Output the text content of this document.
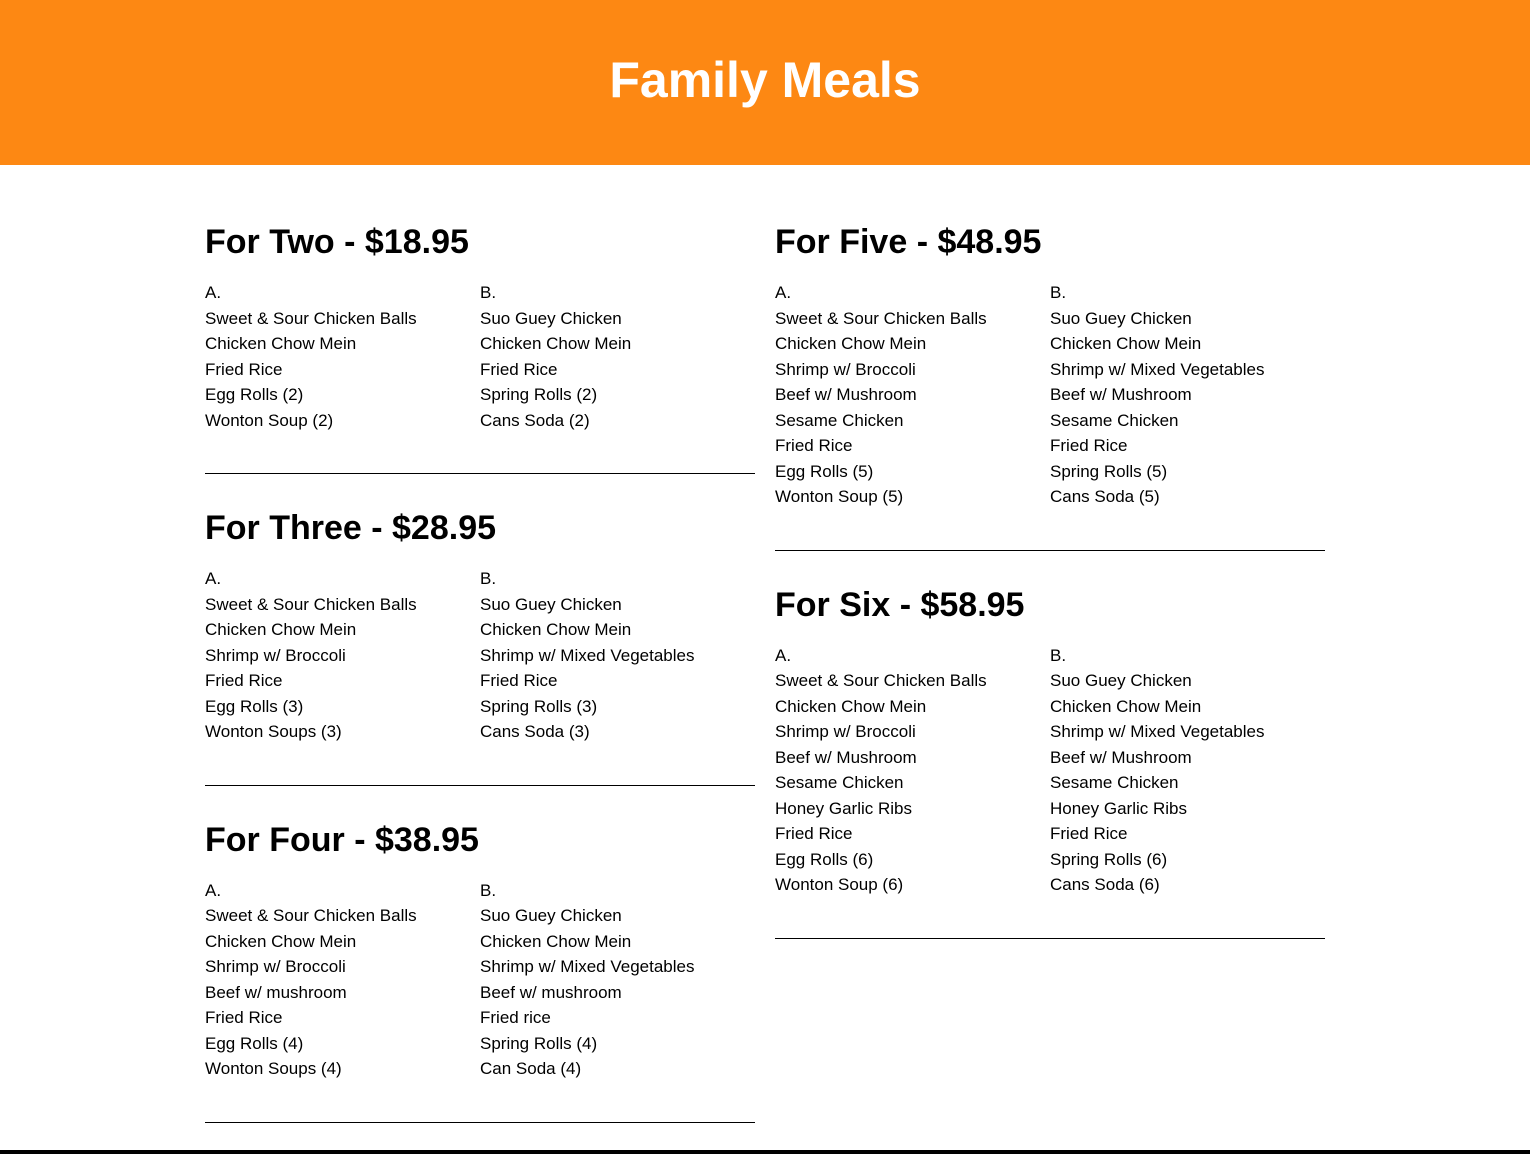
Family Meals
For Two - $18.95
A.
Sweet & Sour Chicken Balls
Chicken Chow Mein
Fried Rice
Egg Rolls (2)
Wonton Soup (2)
B.
Suo Guey Chicken
Chicken Chow Mein
Fried Rice
Spring Rolls (2)
Cans Soda (2)
For Three - $28.95
A.
Sweet & Sour Chicken Balls
Chicken Chow Mein
Shrimp w/ Broccoli
Fried Rice
Egg Rolls (3)
Wonton Soups (3)
B.
Suo Guey Chicken
Chicken Chow Mein
Shrimp w/ Mixed Vegetables
Fried Rice
Spring Rolls (3)
Cans Soda (3)
For Four - $38.95
A.
Sweet & Sour Chicken Balls
Chicken Chow Mein
Shrimp w/ Broccoli
Beef w/ mushroom
Fried Rice
Egg Rolls (4)
Wonton Soups (4)
B.
Suo Guey Chicken
Chicken Chow Mein
Shrimp w/ Mixed Vegetables
Beef w/ mushroom
Fried rice
Spring Rolls (4)
Can Soda (4)
For Five - $48.95
A.
Sweet & Sour Chicken Balls
Chicken Chow Mein
Shrimp w/ Broccoli
Beef w/ Mushroom
Sesame Chicken
Fried Rice
Egg Rolls (5)
Wonton Soup (5)
B.
Suo Guey Chicken
Chicken Chow Mein
Shrimp w/ Mixed Vegetables
Beef w/ Mushroom
Sesame Chicken
Fried Rice
Spring Rolls (5)
Cans Soda (5)
For Six - $58.95
A.
Sweet & Sour Chicken Balls
Chicken Chow Mein
Shrimp w/ Broccoli
Beef w/ Mushroom
Sesame Chicken
Honey Garlic Ribs
Fried Rice
Egg Rolls (6)
Wonton Soup (6)
B.
Suo Guey Chicken
Chicken Chow Mein
Shrimp w/ Mixed Vegetables
Beef w/ Mushroom
Sesame Chicken
Honey Garlic Ribs
Fried Rice
Spring Rolls (6)
Cans Soda (6)
